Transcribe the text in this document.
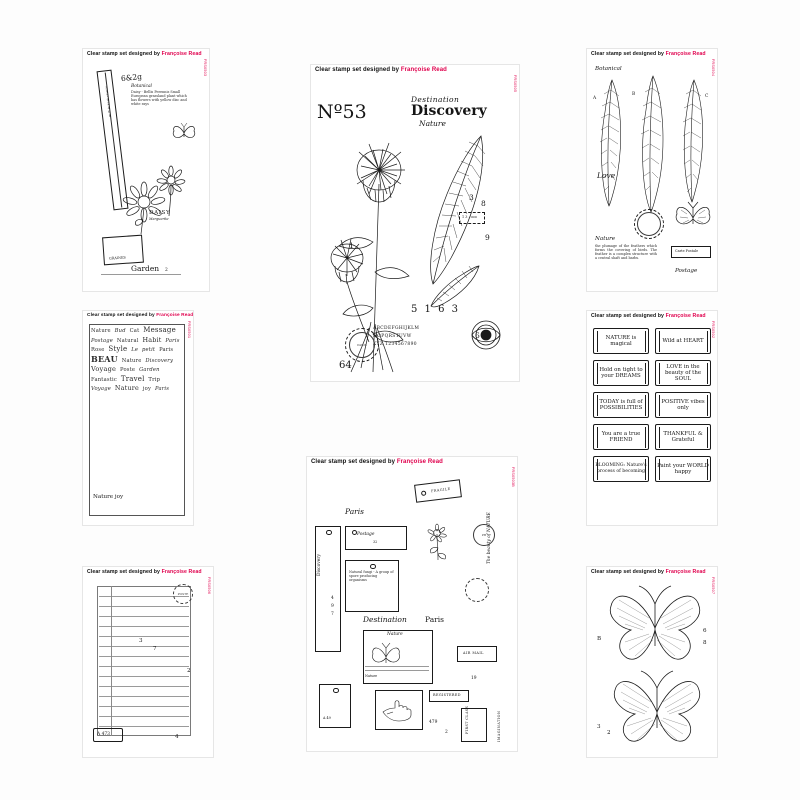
Clear stamp set designed by Françoise Read
FRS0503
3
5
7
9
2
4
6
8
6&2g
Botanical
Daisy - Bellis Perennis Small European grassland plant which has flowers with yellow disc and white rays
DAISY
Marguerite
GRAINES
Garden 2
Clear stamp set designed by Françoise Read
FRS0505
Nº53
Destination
Discovery
Nature
1
3
8
9
6
5 1 6 3
64
1 3 . ooo
ABCDEFGHIJKLM
NOPQRSTUVW
XYZ 1234567890
PARIS
Clear stamp set designed by Françoise Read
FRS0504
Botanical
A
B	C
Love
Nature
the plumage of the feathers which forms the covering of birds. The feather is a complex structure with a central shaft and barbs.
Carte Postale
Postage
Clear stamp set designed by Françoise Read
FRS0501
Nature Bud Cat Message Postage Natural Habit Paris Rose Style Le petit Paris BEAU Nature Discovery Voyage Poste Garden Fantastic Travel Trip Voyage Nature joy Paris
Nature joy
Clear stamp set designed by Françoise Read
FRS0502
NATURE is magical
Wild at HEART
Hold on tight to your DREAMS
LOVE in the beauty of the SOUL
TODAY is full of POSSIBILITIES
POSITIVE vibes only
You are a true FRIEND
THANKFUL & Grateful
BLOOMING: Nature's process of becoming
Paint your WORLD happy
Clear stamp set designed by Françoise Read
FRS0506
POSTE
3
7
4
2
A 473
Clear stamp set designed by Françoise Read
FRS0503B
FRAGILE
Discovery
Paris
Postage
32
PB The beauty of NATURE
Natural fungi - A group of spore producing organisms
4
9
7
Destination Paris
Nature
Nature
AIR MAIL
A 49
REGISTERED
FIRST CLASS	IMAGINATION
479
2
19
Clear stamp set designed by Françoise Read
FRS0507
B
6
8
3
2
